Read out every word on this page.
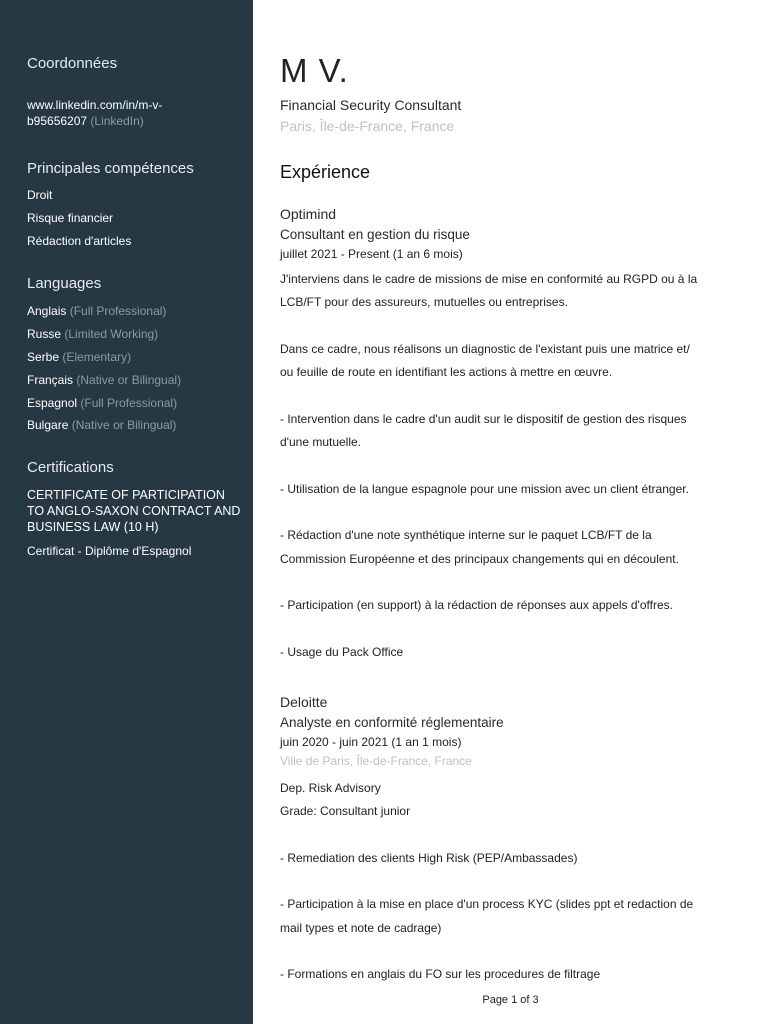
Coordonnées
www.linkedin.com/in/m-v-
b95656207 (LinkedIn)
Principales compétences
Droit
Risque financier
Rédaction d'articles
Languages
Anglais (Full Professional)
Russe (Limited Working)
Serbe (Elementary)
Français (Native or Bilingual)
Espagnol (Full Professional)
Bulgare (Native or Bilingual)
Certifications
CERTIFICATE OF PARTICIPATION TO ANGLO-SAXON CONTRACT AND BUSINESS LAW (10 H)
Certificat - Diplôme d'Espagnol
M V.
Financial Security Consultant
Paris, Île-de-France, France
Expérience
Optimind
Consultant en gestion du risque
juillet 2021 - Present (1 an 6 mois)

J'interviens dans le cadre de missions de mise en conformité au RGPD ou à la

LCB/FT pour des assureurs, mutuelles ou entreprises.

Dans ce cadre, nous réalisons un diagnostic de l'existant puis une matrice et/

ou feuille de route en identifiant les actions à mettre en œuvre.

- Intervention dans le cadre d'un audit sur le dispositif de gestion des risques

d'une mutuelle.

- Utilisation de la langue espagnole pour une mission avec un client étranger.

- Rédaction d'une note synthétique interne sur le paquet LCB/FT de la

Commission Européenne et des principaux changements qui en découlent.

- Participation (en support) à la rédaction de réponses aux appels d'offres.

- Usage du Pack Office

Deloitte
Analyste en conformité réglementaire
juin 2020 - juin 2021 (1 an 1 mois)
Ville de Paris, Île-de-France, France

Dep. Risk Advisory

Grade: Consultant junior

- Remediation des clients High Risk (PEP/Ambassades)

- Participation à la mise en place d'un process KYC (slides ppt et redaction de

mail types et note de cadrage)

- Formations en anglais du FO sur les procedures de filtrage

Page 1 of 3
